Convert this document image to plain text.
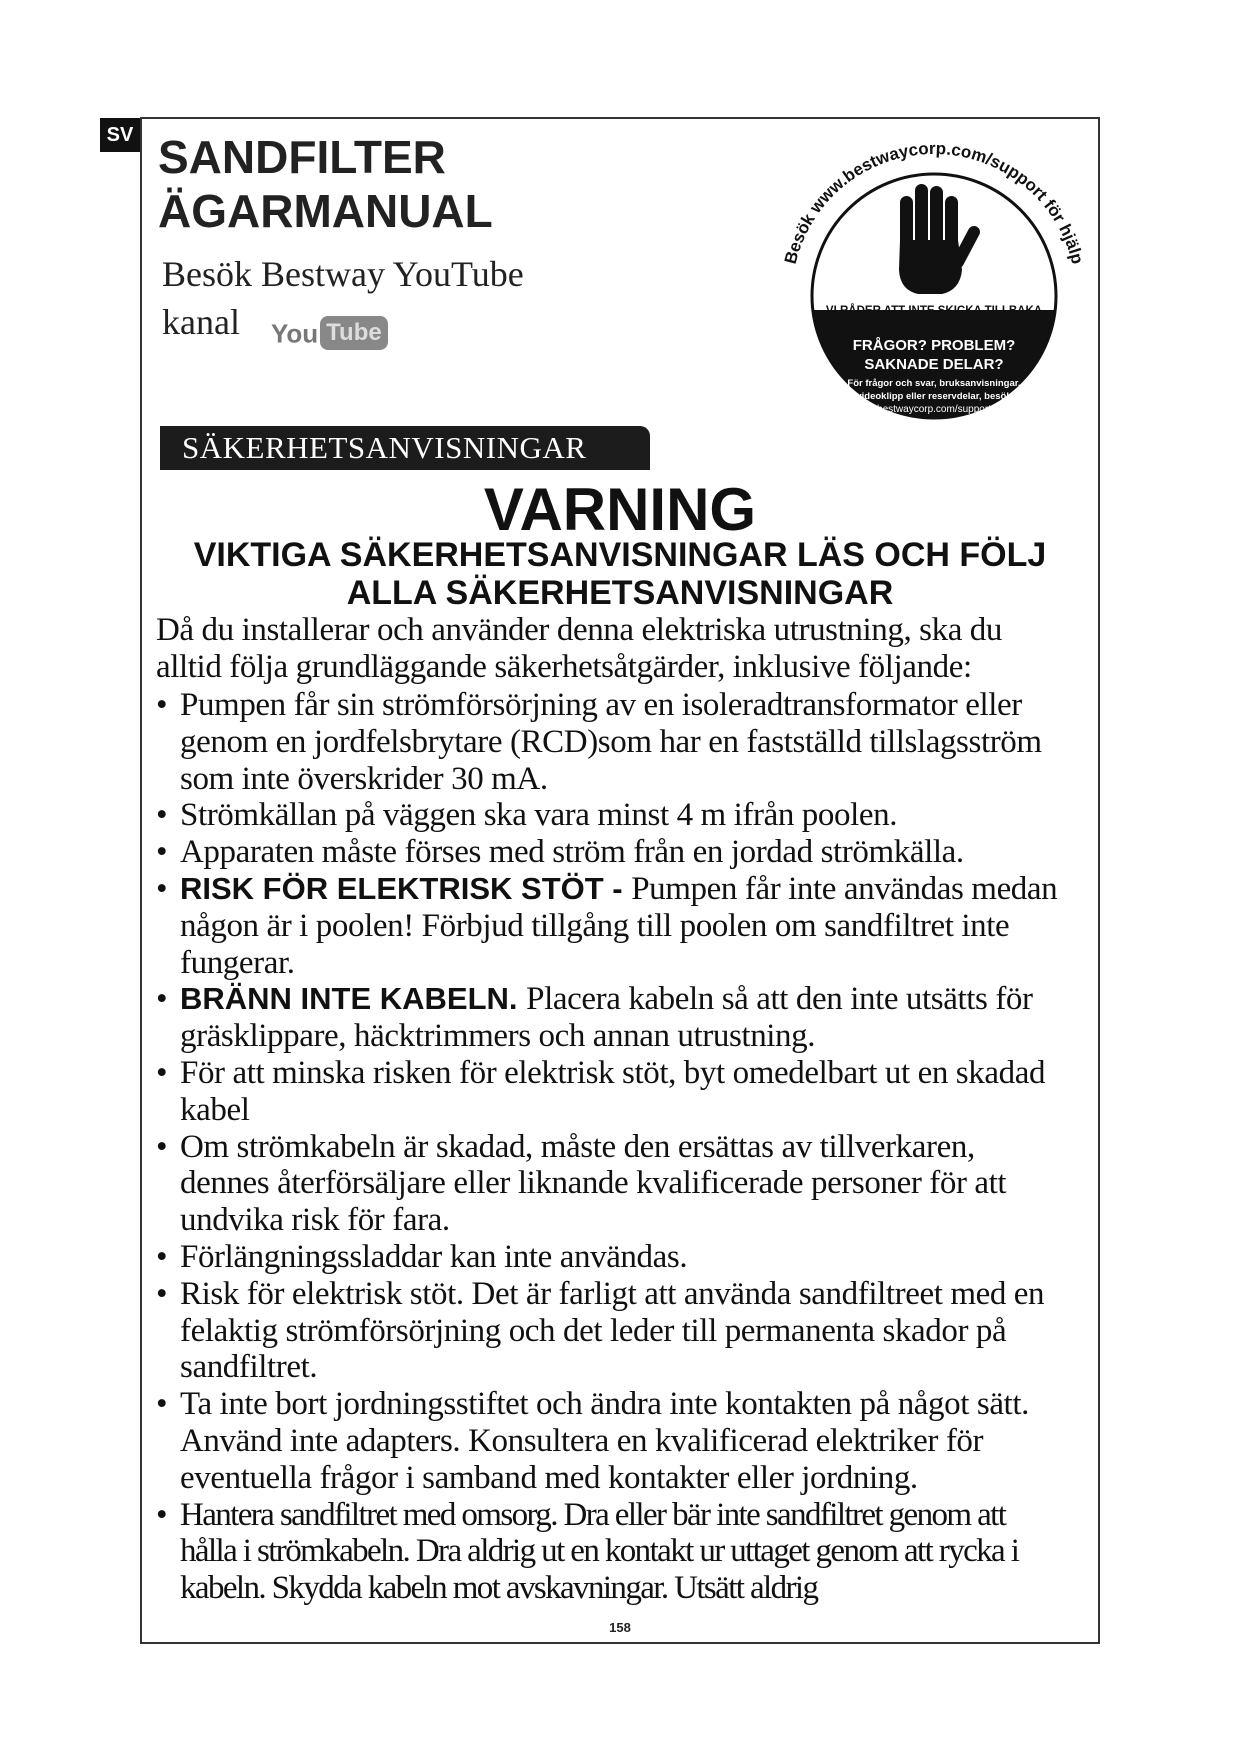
SV SANDFILTER
ÄGARMANUAL
Besök Bestway YouTube
kanal You Tube
Besök www.bestwaycorp.com/support för hjälp
VI RÅDER ATT INTE SKICKA TILLBAKA
PRODUKTEN TILL AFFÄREN
FRÅGOR? PROBLEM?
SAKNADE DELAR?
För frågor och svar, bruksanvisningar,
videoklipp eller reservdelar, besök
bestwaycorp.com/support
SÄKERHETSANVISNINGAR
VARNING
VIKTIGA SÄKERHETSANVISNINGAR LÄS OCH FÖLJ
ALLA SÄKERHETSANVISNINGAR

Då du installerar och använder denna elektriska utrustning, ska du alltid följa grundläggande säkerhetsåtgärder, inklusive följande:

• Pumpen får sin strömförsörjning av en isoleradtransformator eller genom en jordfelsbrytare (RCD)som har en fastställd tillslagsström som inte överskrider 30 mA.
• Strömkällan på väggen ska vara minst 4 m ifrån poolen.
• Apparaten måste förses med ström från en jordad strömkälla.
• RISK FÖR ELEKTRISK STÖT - Pumpen får inte användas medan någon är i poolen! Förbjud tillgång till poolen om sandfiltret inte fungerar.
• BRÄNN INTE KABELN. Placera kabeln så att den inte utsätts för gräsklippare, häcktrimmers och annan utrustning.
• För att minska risken för elektrisk stöt, byt omedelbart ut en skadad kabel
• Om strömkabeln är skadad, måste den ersättas av tillverkaren, dennes återförsäljare eller liknande kvalificerade personer för att undvika risk för fara.
• Förlängningssladdar kan inte användas.
• Risk för elektrisk stöt. Det är farligt att använda sandfiltreet med en felaktig strömförsörjning och det leder till permanenta skador på sandfiltret.
• Ta inte bort jordningsstiftet och ändra inte kontakten på något sätt. Använd inte adapters. Konsultera en kvalificerad elektriker för eventuella frågor i samband med kontakter eller jordning.
• Hantera sandfiltret med omsorg. Dra eller bär inte sandfiltret genom att hålla i strömkabeln. Dra aldrig ut en kontakt ur uttaget genom att rycka i kabeln. Skydda kabeln mot avskavningar. Utsätt aldrig
158
